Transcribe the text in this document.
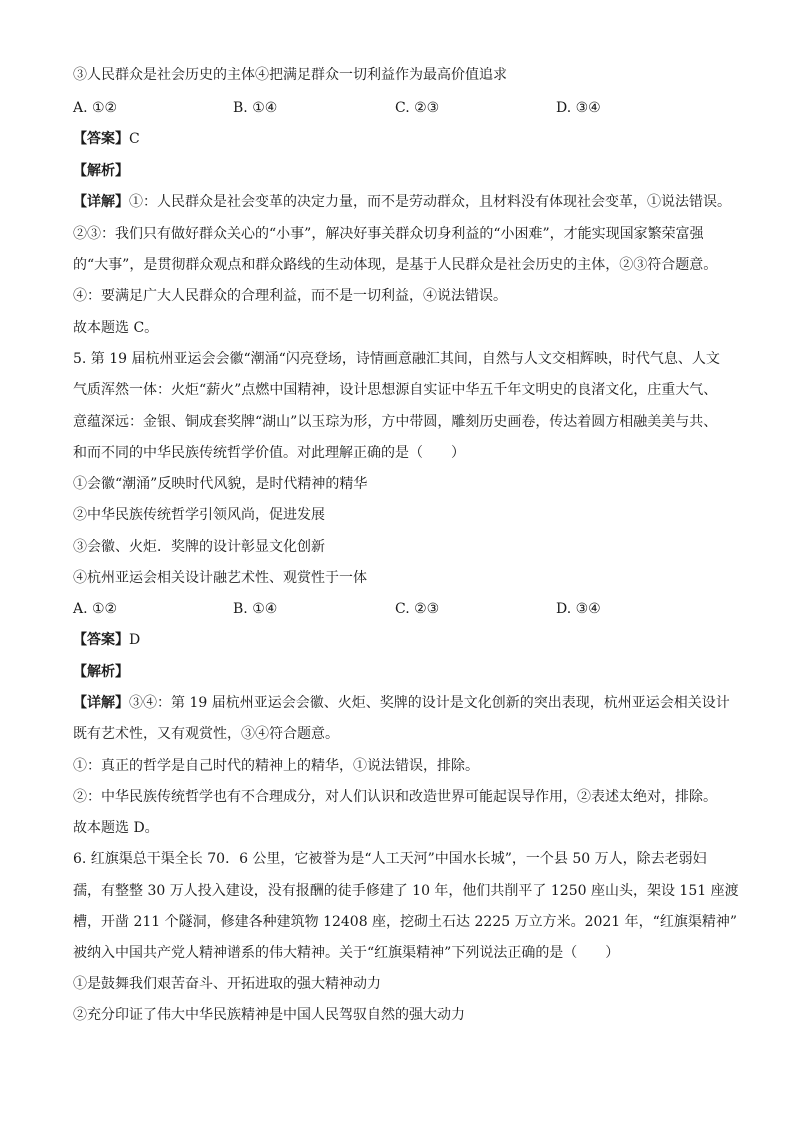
③人民群众是社会历史的主体④把满足群众一切利益作为最高价值追求
A. ①②	B. ①④	C. ②③	D. ③④
【答案】C
【解析】
【详解】①：人民群众是社会变革的决定力量，而不是劳动群众，且材料没有体现社会变革，①说法错误。
②③：我们只有做好群众关心的“小事”，解决好事关群众切身利益的“小困难”，才能实现国家繁荣富强
的“大事”，是贯彻群众观点和群众路线的生动体现，是基于人民群众是社会历史的主体，②③符合题意。
④：要满足广大人民群众的合理利益，而不是一切利益，④说法错误。
故本题选 C。
5. 第 19 届杭州亚运会会徽“潮涌“闪亮登场，诗情画意融汇其间，自然与人文交相辉映，时代气息、人文
气质浑然一体：火炬“薪火”点燃中国精神，设计思想源自实证中华五千年文明史的良渚文化，庄重大气、
意蕴深远：金银、铜成套奖牌“湖山”以玉琮为形，方中带圆，雕刻历史画卷，传达着圆方相融美美与共、
和而不同的中华民族传统哲学价值。对此理解正确的是（　　）
①会徽“潮涌”反映时代风貌，是时代精神的精华
②中华民族传统哲学引领风尚，促进发展
③会徽、火炬．奖牌的设计彰显文化创新
④杭州亚运会相关设计融艺术性、观赏性于一体
A. ①②	B. ①④	C. ②③	D. ③④
【答案】D
【解析】
【详解】③④：第 19 届杭州亚运会会徽、火炬、奖牌的设计是文化创新的突出表现，杭州亚运会相关设计
既有艺术性，又有观赏性，③④符合题意。
①：真正的哲学是自己时代的精神上的精华，①说法错误，排除。
②：中华民族传统哲学也有不合理成分，对人们认识和改造世界可能起误导作用，②表述太绝对，排除。
故本题选 D。
6. 红旗渠总干渠全长 70．6 公里，它被誉为是“人工天河”中国水长城”，一个县 50 万人，除去老弱妇
孺，有整整 30 万人投入建设，没有报酬的徒手修建了 10 年，他们共削平了 1250 座山头，架设 151 座渡
槽，开凿 211 个隧洞，修建各种建筑物 12408 座，挖砌土石达 2225 万立方米。2021 年，“红旗渠精神”
被纳入中国共产党人精神谱系的伟大精神。关于“红旗渠精神”下列说法正确的是（　　）
①是鼓舞我们艰苦奋斗、开拓进取的强大精神动力
②充分印证了伟大中华民族精神是中国人民驾驭自然的强大动力
